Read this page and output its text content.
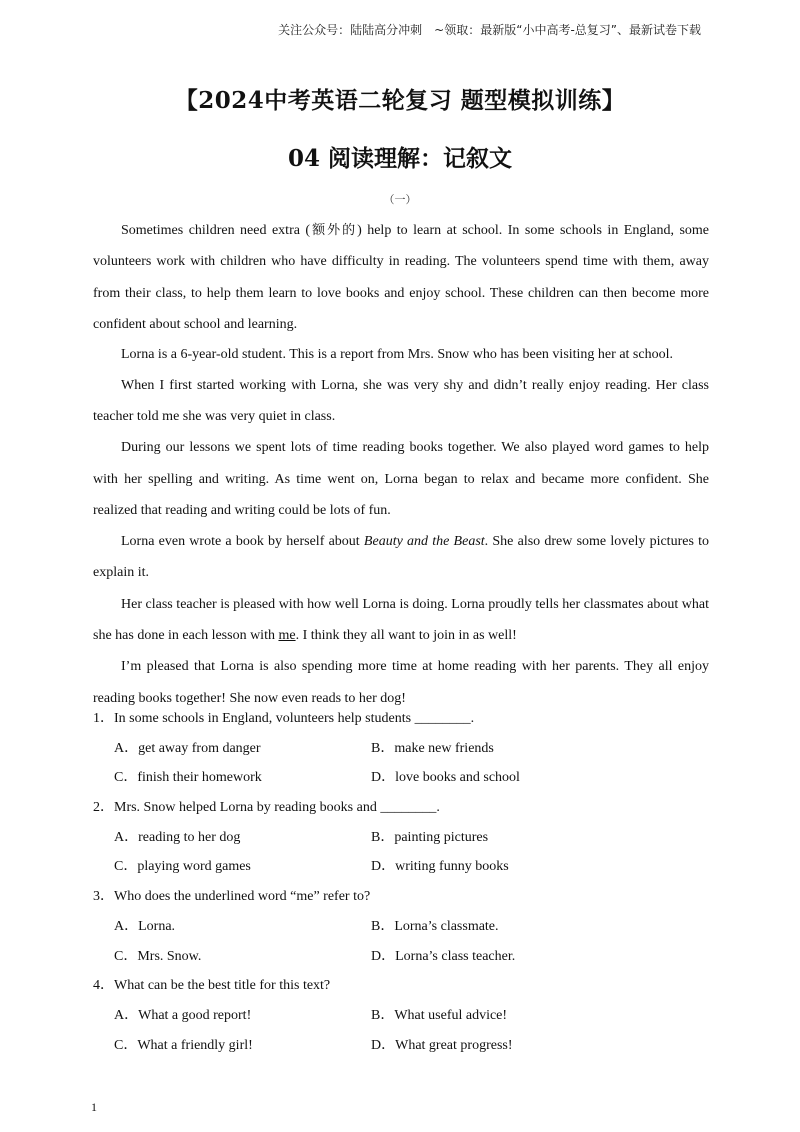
关注公众号：陆陆高分冲刺　~领取：最新版“小中高考-总复习”、最新试卷下载
【2024中考英语二轮复习 题型模拟训练】
04 阅读理解：记叙文
（一）

Sometimes children need extra (额外的) help to learn at school. In some schools in England, some volunteers work with children who have difficulty in reading. The volunteers spend time with them, away from their class, to help them learn to love books and enjoy school. These children can then become more confident about school and learning.

Lorna is a 6-year-old student. This is a report from Mrs. Snow who has been visiting her at school.

When I first started working with Lorna, she was very shy and didn’t really enjoy reading. Her class teacher told me she was very quiet in class.

During our lessons we spent lots of time reading books together. We also played word games to help with her spelling and writing. As time went on, Lorna began to relax and became more confident. She realized that reading and writing could be lots of fun.

Lorna even wrote a book by herself about Beauty and the Beast. She also drew some lovely pictures to explain it.

Her class teacher is pleased with how well Lorna is doing. Lorna proudly tells her classmates about what she has done in each lesson with me. I think they all want to join in as well!

I’m pleased that Lorna is also spending more time at home reading with her parents. They all enjoy reading books together! She now even reads to her dog!

1．In some schools in England, volunteers help students ________.
A．get away from danger	B．make new friends
C．finish their homework	D．love books and school
2．Mrs. Snow helped Lorna by reading books and ________.
A．reading to her dog	B．painting pictures
C．playing word games	D．writing funny books
3．Who does the underlined word “me” refer to?
A．Lorna.	B．Lorna’s classmate.
C．Mrs. Snow.	D．Lorna’s class teacher.
4．What can be the best title for this text?
A．What a good report!	B．What useful advice!
C．What a friendly girl!	D．What great progress!
1
